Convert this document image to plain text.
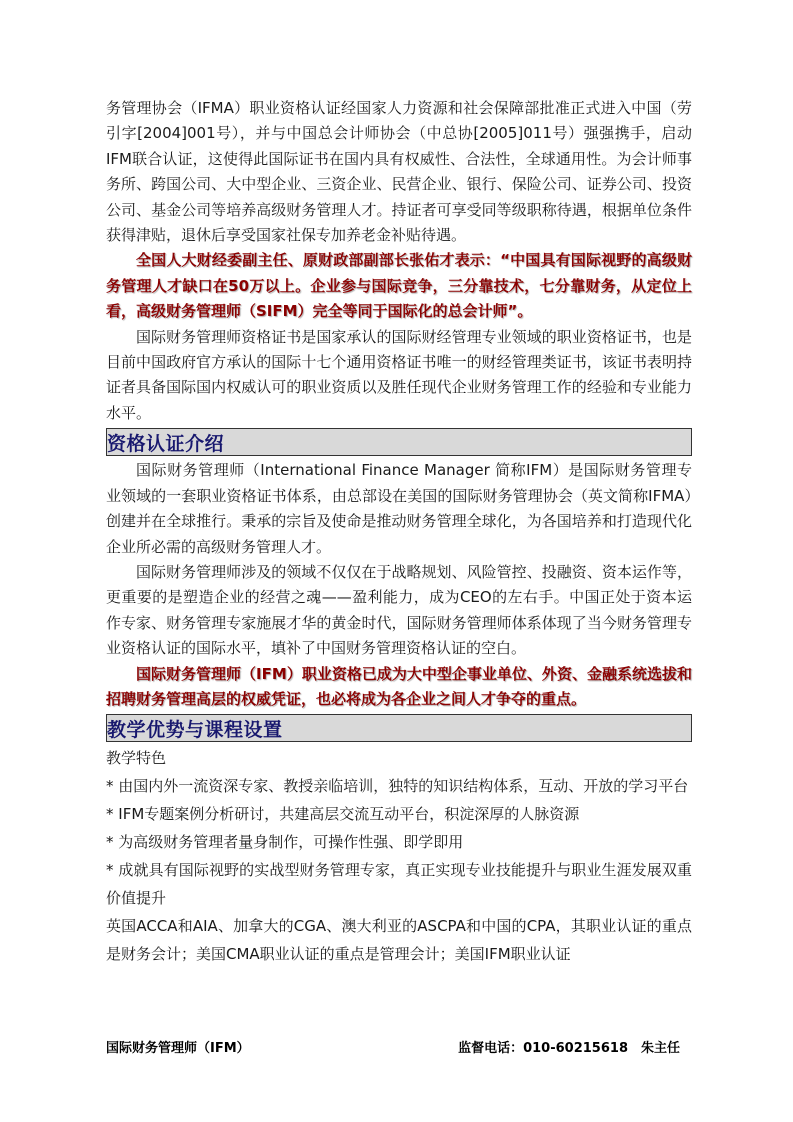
务管理协会（IFMA）职业资格认证经国家人力资源和社会保障部批准正式进入中国（劳引字[2004]001号），并与中国总会计师协会（中总协[2005]011号）强强携手，启动IFM联合认证，这使得此国际证书在国内具有权威性、合法性，全球通用性。为会计师事务所、跨国公司、大中型企业、三资企业、民营企业、银行、保险公司、证券公司、投资公司、基金公司等培养高级财务管理人才。持证者可享受同等级职称待遇，根据单位条件获得津贴，退休后享受国家社保专加养老金补贴待遇。

全国人大财经委副主任、原财政部副部长张佑才表示：“中国具有国际视野的高级财务管理人才缺口在50万以上。企业参与国际竞争，三分靠技术，七分靠财务，从定位上看，高级财务管理师（SIFM）完全等同于国际化的总会计师”。

国际财务管理师资格证书是国家承认的国际财经管理专业领域的职业资格证书，也是目前中国政府官方承认的国际十七个通用资格证书唯一的财经管理类证书，该证书表明持证者具备国际国内权威认可的职业资质以及胜任现代企业财务管理工作的经验和专业能力水平。

资格认证介绍

国际财务管理师（International Finance Manager 简称IFM）是国际财务管理专业领域的一套职业资格证书体系，由总部设在美国的国际财务管理协会（英文简称IFMA）创建并在全球推行。秉承的宗旨及使命是推动财务管理全球化，为各国培养和打造现代化企业所必需的高级财务管理人才。

国际财务管理师涉及的领域不仅仅在于战略规划、风险管控、投融资、资本运作等，更重要的是塑造企业的经营之魂——盈利能力，成为CEO的左右手。中国正处于资本运作专家、财务管理专家施展才华的黄金时代，国际财务管理师体系体现了当今财务管理专业资格认证的国际水平，填补了中国财务管理资格认证的空白。

国际财务管理师（IFM）职业资格已成为大中型企事业单位、外资、金融系统选拔和招聘财务管理高层的权威凭证，也必将成为各企业之间人才争夺的重点。

教学优势与课程设置

教学特色

* 由国内外一流资深专家、教授亲临培训，独特的知识结构体系，互动、开放的学习平台

* IFM专题案例分析研讨，共建高层交流互动平台，积淀深厚的人脉资源

* 为高级财务管理者量身制作，可操作性强、即学即用

* 成就具有国际视野的实战型财务管理专家，真正实现专业技能提升与职业生涯发展双重价值提升

英国ACCA和AIA、加拿大的CGA、澳大利亚的ASCPA和中国的CPA，其职业认证的重点是财务会计；美国CMA职业认证的重点是管理会计；美国IFM职业认证

国际财务管理师（IFM）	监督电话：010-60215618　朱主任
